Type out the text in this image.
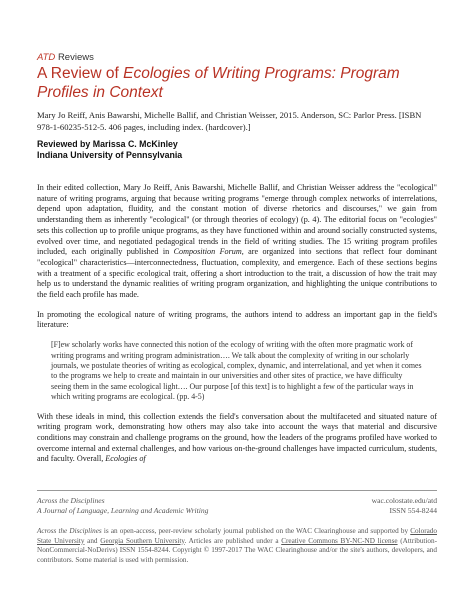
ATD Reviews
A Review of Ecologies of Writing Programs: Program Profiles in Context
Mary Jo Reiff, Anis Bawarshi, Michelle Ballif, and Christian Weisser, 2015. Anderson, SC: Parlor Press. [ISBN 978-1-60235-512-5. 406 pages, including index. (hardcover).]
Reviewed by Marissa C. McKinley
Indiana University of Pennsylvania

In their edited collection, Mary Jo Reiff, Anis Bawarshi, Michelle Ballif, and Christian Weisser address the "ecological" nature of writing programs, arguing that because writing programs "emerge through complex networks of interrelations, depend upon adaptation, fluidity, and the constant motion of diverse rhetorics and discourses," we gain from understanding them as inherently "ecological" (or through theories of ecology) (p. 4). The editorial focus on "ecologies" sets this collection up to profile unique programs, as they have functioned within and around socially constructed systems, evolved over time, and negotiated pedagogical trends in the field of writing studies. The 15 writing program profiles included, each originally published in Composition Forum, are organized into sections that reflect four dominant "ecological" characteristics—interconnectedness, fluctuation, complexity, and emergence. Each of these sections begins with a treatment of a specific ecological trait, offering a short introduction to the trait, a discussion of how the trait may help us to understand the dynamic realities of writing program organization, and highlighting the unique contributions to the field each profile has made.

In promoting the ecological nature of writing programs, the authors intend to address an important gap in the field's literature:

[F]ew scholarly works have connected this notion of the ecology of writing with the often more pragmatic work of writing programs and writing program administration…. We talk about the complexity of writing in our scholarly journals, we postulate theories of writing as ecological, complex, dynamic, and interrelational, and yet when it comes to the programs we help to create and maintain in our universities and other sites of practice, we have difficulty seeing them in the same ecological light…. Our purpose [of this text] is to highlight a few of the particular ways in which writing programs are ecological. (pp. 4-5)

With these ideals in mind, this collection extends the field's conversation about the multifaceted and situated nature of writing program work, demonstrating how others may also take into account the ways that material and discursive conditions may constrain and challenge programs on the ground, how the leaders of the programs profiled have worked to overcome internal and external challenges, and how various on-the-ground challenges have impacted curriculum, students, and faculty. Overall, Ecologies of

Across the Disciplines
A Journal of Language, Learning and Academic Writing
wac.colostate.edu/atd
ISSN 554-8244
Across the Disciplines is an open-access, peer-review scholarly journal published on the WAC Clearinghouse and supported by Colorado State University and Georgia Southern University. Articles are published under a Creative Commons BY-NC-ND license (Attribution-NonCommercial-NoDerivs) ISSN 1554-8244. Copyright © 1997-2017 The WAC Clearinghouse and/or the site's authors, developers, and contributors. Some material is used with permission.
